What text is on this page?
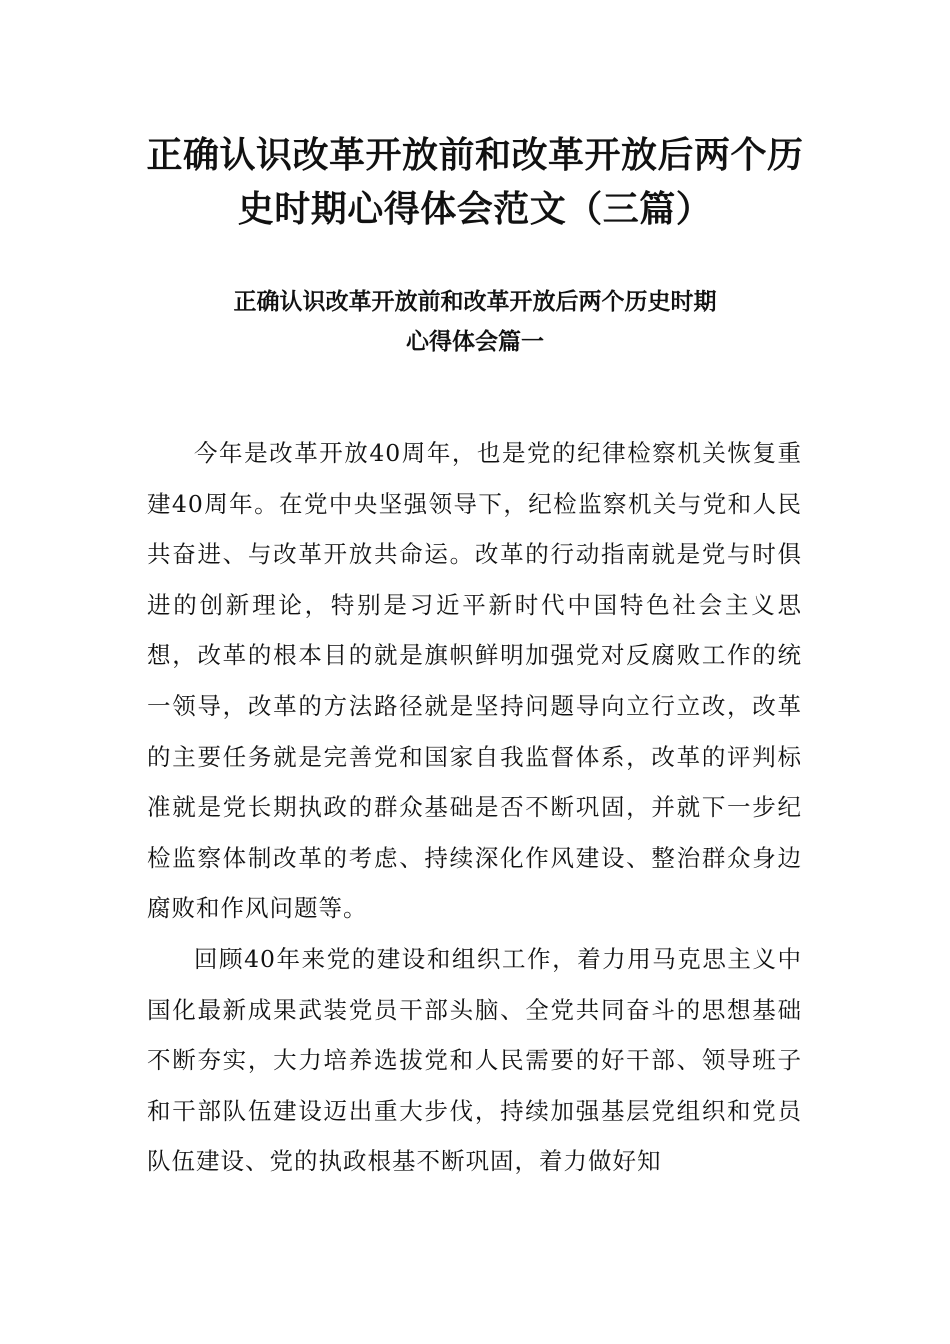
正确认识改革开放前和改革开放后两个历
史时期心得体会范文（三篇）
正确认识改革开放前和改革开放后两个历史时期
心得体会篇一

今年是改革开放40周年，也是党的纪律检察机关恢复重建40周年。在党中央坚强领导下，纪检监察机关与党和人民共奋进、与改革开放共命运。改革的行动指南就是党与时俱进的创新理论，特别是习近平新时代中国特色社会主义思想，改革的根本目的就是旗帜鲜明加强党对反腐败工作的统一领导，改革的方法路径就是坚持问题导向立行立改，改革的主要任务就是完善党和国家自我监督体系，改革的评判标准就是党长期执政的群众基础是否不断巩固，并就下一步纪检监察体制改革的考虑、持续深化作风建设、整治群众身边腐败和作风问题等。

回顾40年来党的建设和组织工作，着力用马克思主义中国化最新成果武装党员干部头脑、全党共同奋斗的思想基础不断夯实，大力培养选拔党和人民需要的好干部、领导班子和干部队伍建设迈出重大步伐，持续加强基层党组织和党员队伍建设、党的执政根基不断巩固，着力做好知
